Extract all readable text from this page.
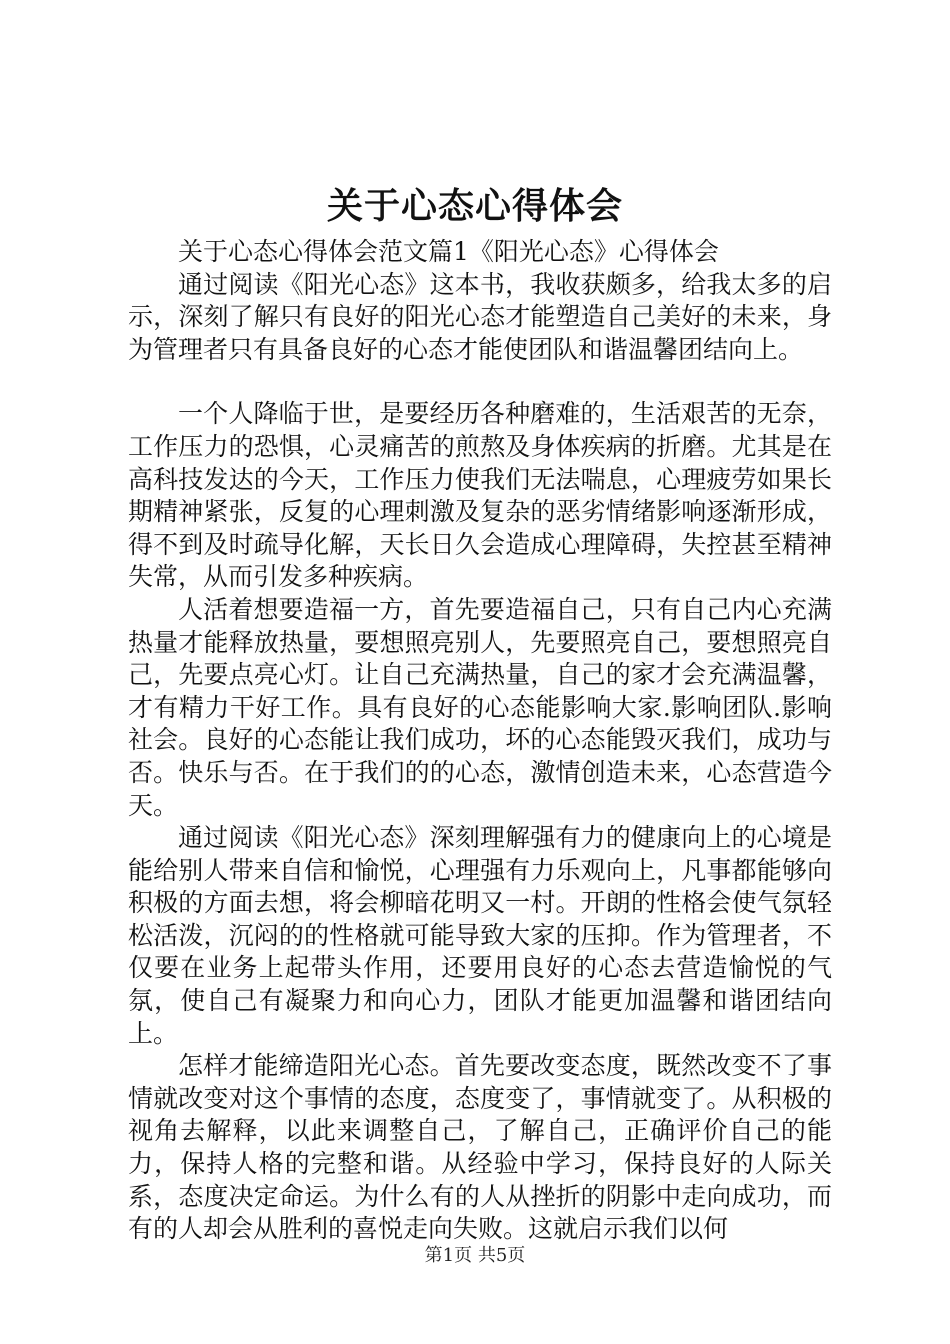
关于心态心得体会

关于心态心得体会范文篇1《阳光心态》心得体会

通过阅读《阳光心态》这本书，我收获颇多，给我太多的启示，深刻了解只有良好的阳光心态才能塑造自己美好的未来，身为管理者只有具备良好的心态才能使团队和谐温馨团结向上。

一个人降临于世，是要经历各种磨难的，生活艰苦的无奈，工作压力的恐惧，心灵痛苦的煎熬及身体疾病的折磨。尤其是在高科技发达的今天，工作压力使我们无法喘息，心理疲劳如果长期精神紧张，反复的心理刺激及复杂的恶劣情绪影响逐渐形成，得不到及时疏导化解，天长日久会造成心理障碍，失控甚至精神失常，从而引发多种疾病。

人活着想要造福一方，首先要造福自己，只有自己内心充满热量才能释放热量，要想照亮别人，先要照亮自己，要想照亮自己，先要点亮心灯。让自己充满热量，自己的家才会充满温馨，才有精力干好工作。具有良好的心态能影响大家.影响团队.影响社会。良好的心态能让我们成功，坏的心态能毁灭我们，成功与否。快乐与否。在于我们的的心态，激情创造未来，心态营造今天。

通过阅读《阳光心态》深刻理解强有力的健康向上的心境是能给别人带来自信和愉悦，心理强有力乐观向上，凡事都能够向积极的方面去想，将会柳暗花明又一村。开朗的性格会使气氛轻松活泼，沉闷的的性格就可能导致大家的压抑。作为管理者，不仅要在业务上起带头作用，还要用良好的心态去营造愉悦的气氛，使自己有凝聚力和向心力，团队才能更加温馨和谐团结向上。

怎样才能缔造阳光心态。首先要改变态度，既然改变不了事情就改变对这个事情的态度，态度变了，事情就变了。从积极的视角去解释，以此来调整自己，了解自己，正确评价自己的能力，保持人格的完整和谐。从经验中学习，保持良好的人际关系，态度决定命运。为什么有的人从挫折的阴影中走向成功，而有的人却会从胜利的喜悦走向失败。这就启示我们以何

第1页 共5页
